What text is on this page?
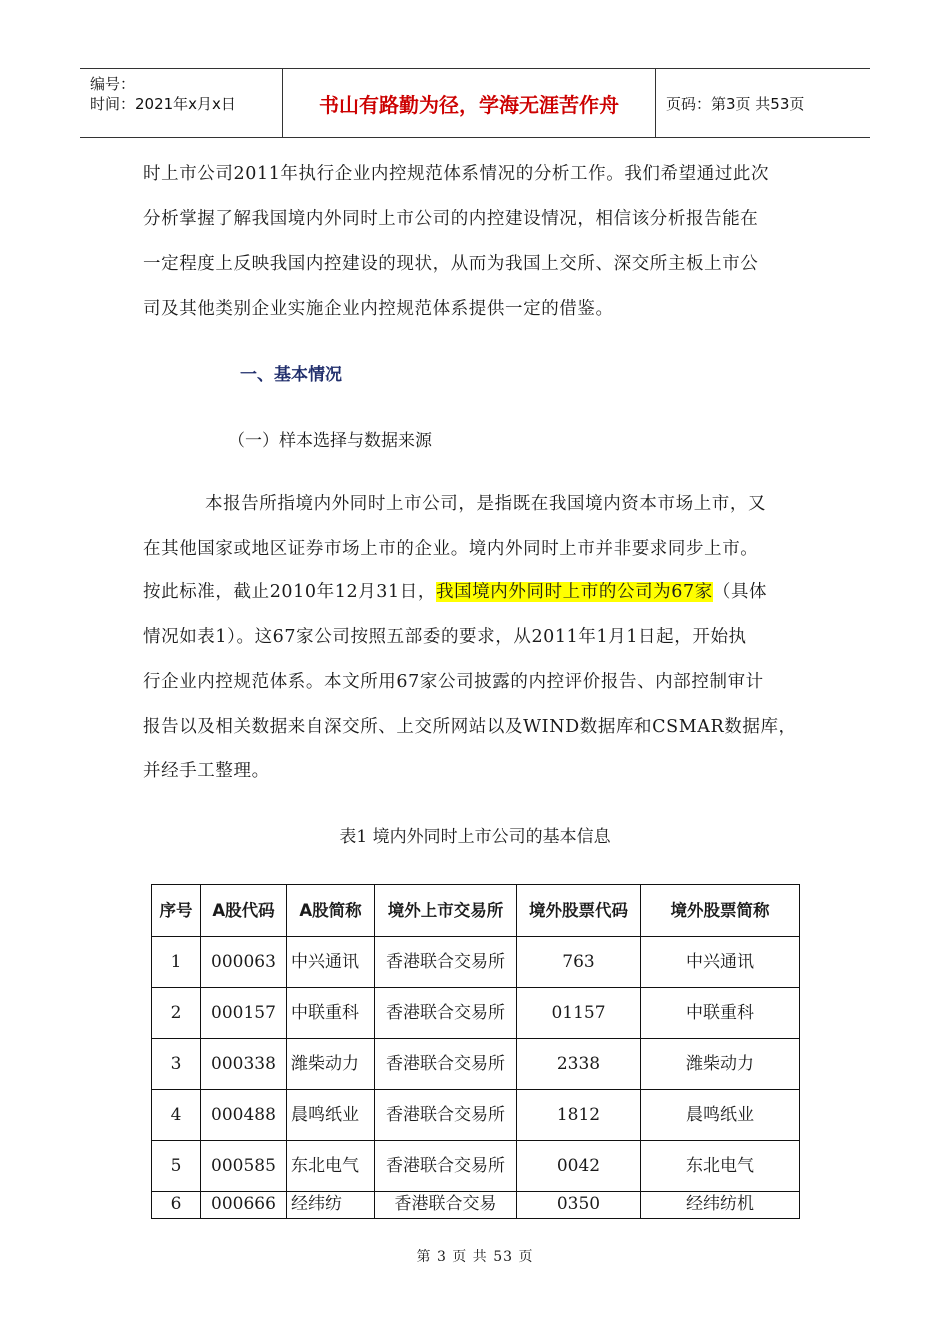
编号：
时间：2021年x月x日	书山有路勤为径，学海无涯苦作舟	页码：第3页 共53页
时上市公司2011年执行企业内控规范体系情况的分析工作。我们希望通过此次
分析掌握了解我国境内外同时上市公司的内控建设情况，相信该分析报告能在
一定程度上反映我国内控建设的现状，从而为我国上交所、深交所主板上市公
司及其他类别企业实施企业内控规范体系提供一定的借鉴。
一、基本情况
（一）样本选择与数据来源
本报告所指境内外同时上市公司，是指既在我国境内资本市场上市，又
在其他国家或地区证券市场上市的企业。境内外同时上市并非要求同步上市。
按此标准，截止2010年12月31日，我国境内外同时上市的公司为67家（具体
情况如表1）。这67家公司按照五部委的要求，从2011年1月1日起，开始执
行企业内控规范体系。本文所用67家公司披露的内控评价报告、内部控制审计
报告以及相关数据来自深交所、上交所网站以及WIND数据库和CSMAR数据库，
并经手工整理。
表1 境内外同时上市公司的基本信息
序号	A股代码	A股简称	境外上市交易所	境外股票代码	境外股票简称
1	000063	中兴通讯	香港联合交易所	763	中兴通讯
2	000157	中联重科	香港联合交易所	01157	中联重科
3	000338	潍柴动力	香港联合交易所	2338	潍柴动力
4	000488	晨鸣纸业	香港联合交易所	1812	晨鸣纸业
5	000585	东北电气	香港联合交易所	0042	东北电气
6	000666	经纬纺	香港联合交易	0350	经纬纺机
第 3 页 共 53 页
